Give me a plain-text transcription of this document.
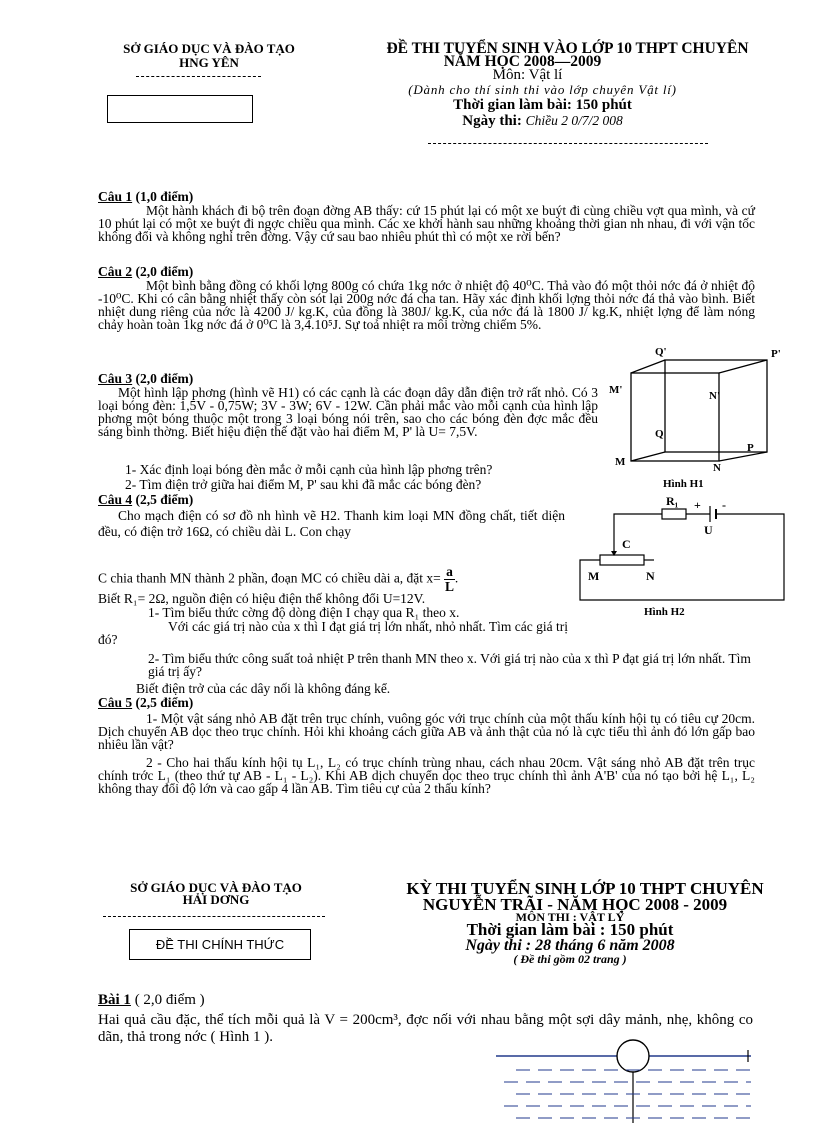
SỞ GIÁO DỤC VÀ ĐÀO TẠO
HNG YÊN
ĐỀ THI TUYỂN SINH VÀO LỚP 10 THPT CHUYÊN
NĂM HỌC 2008—2009
Môn: Vật lí
(Dành cho thí sinh thi vào lớp chuyên Vật lí)
Thời gian làm bài: 150 phút
Ngày thi: Chiều 2 0/7/2 008
Câu 1 (1,0 điểm)
Một hành khách đi bộ trên đoạn đờng AB thấy: cứ 15 phút lại có một xe buýt đi cùng chiều vợt qua mình, và cứ 10 phút lại có một xe buýt đi ngợc chiều qua mình. Các xe khởi hành sau những khoảng thời gian nh nhau, đi với vận tốc không đổi và không nghỉ trên đờng. Vậy cứ sau bao nhiêu phút thì có một xe rời bến?
Câu 2 (2,0 điểm)
Một bình bằng đồng có khối lợng 800g có chứa 1kg nớc ở nhiệt độ 40⁰C. Thả vào đó một thỏi nớc đá ở nhiệt độ -10⁰C. Khi có cân bằng nhiệt thấy còn sót lại 200g nớc đá cha tan. Hãy xác định khối lợng thỏi nớc đá thả vào bình. Biết nhiệt dung riêng của nớc là 4200 J/ kg.K, của đồng là 380J/ kg.K, của nớc đá là 1800 J/ kg.K, nhiệt lợng để làm nóng chảy hoàn toàn 1kg nớc đá ở 0⁰C là 3,4.10⁵J. Sự toả nhiệt ra môi trờng chiếm 5%.
Câu 3 (2,0 điểm)
Một hình lập phơng (hình vẽ H1) có các cạnh là các đoạn dây dẫn điện trở rất nhỏ. Có 3 loại bóng đèn: 1,5V - 0,75W; 3V - 3W; 6V - 12W. Cần phải mắc vào mỗi cạnh của hình lập phơng một bóng thuộc một trong 3 loại bóng nói trên, sao cho các bóng đèn đợc mắc đều sáng bình thờng. Biết hiệu điện thế đặt vào hai điểm M, P' là U= 7,5V.
1- Xác định loại bóng đèn mắc ở mỗi cạnh của hình lập phơng trên?
2- Tìm điện trở giữa hai điểm M, P' sau khi đã mắc các bóng đèn?
Q'	P'
M'	N'
Q
P
M	N
Hình H1
Câu 4 (2,5 điểm)
Cho mạch điện có sơ đồ nh hình vẽ H2. Thanh kim loại MN đồng chất, tiết diện đều, có điện trở 16Ω, có chiều dài L. Con chạy
C chia thanh MN thành 2 phần, đoạn MC có chiều dài a, đặt $x= \frac{a}{L}$ .
Biết R₁= 2Ω, nguồn điện có hiệu điện thế không đổi U=12V.
1- Tìm biểu thức cờng độ dòng điện I chạy qua R₁ theo x.
Với các giá trị nào của x thì I đạt giá trị lớn nhất, nhỏ nhất. Tìm các giá trị đó?
2- Tìm biểu thức công suất toả nhiệt P trên thanh MN theo x. Với giá trị nào của x thì P đạt giá trị lớn nhất. Tìm giá trị ấy?
Biết điện trở của các dây nối là không đáng kể.
R₁ + -
U
C
M	N
Hình H2
Câu 5 (2,5 điểm)
1- Một vật sáng nhỏ AB đặt trên trục chính, vuông góc với trục chính của một thấu kính hội tụ có tiêu cự 20cm. Dịch chuyển AB dọc theo trục chính. Hỏi khi khoảng cách giữa AB và ảnh thật của nó là cực tiểu thì ảnh đó lớn gấp bao nhiêu lần vật?
2 - Cho hai thấu kính hội tụ L₁, L₂ có trục chính trùng nhau, cách nhau 20cm. Vật sáng nhỏ AB đặt trên trục chính trớc L₁ (theo thứ tự AB - L₁ - L₂). Khi AB dịch chuyển dọc theo trục chính thì ảnh A'B' của nó tạo bởi hệ L₁, L₂ không thay đổi độ lớn và cao gấp 4 lần AB. Tìm tiêu cự của 2 thấu kính?
SỞ GIÁO DỤC VÀ ĐÀO TẠO
HẢI DƠNG
ĐỀ THI CHÍNH THỨC
KỲ THI TUYỂN SINH LỚP 10 THPT CHUYÊN
NGUYỄN TRÃI - NĂM HỌC 2008 - 2009
MÔN THI : VẬT LÝ
Thời gian làm bài : 150 phút
Ngày thi : 28 tháng 6 năm 2008
( Đề thi gồm 02 trang )
Bài 1 ( 2,0 điểm )
Hai quả cầu đặc, thể tích mỗi quả là V = 200cm³, đợc nối với nhau bằng một sợi dây mảnh, nhẹ, không co dãn, thả trong nớc ( Hình 1 ).
